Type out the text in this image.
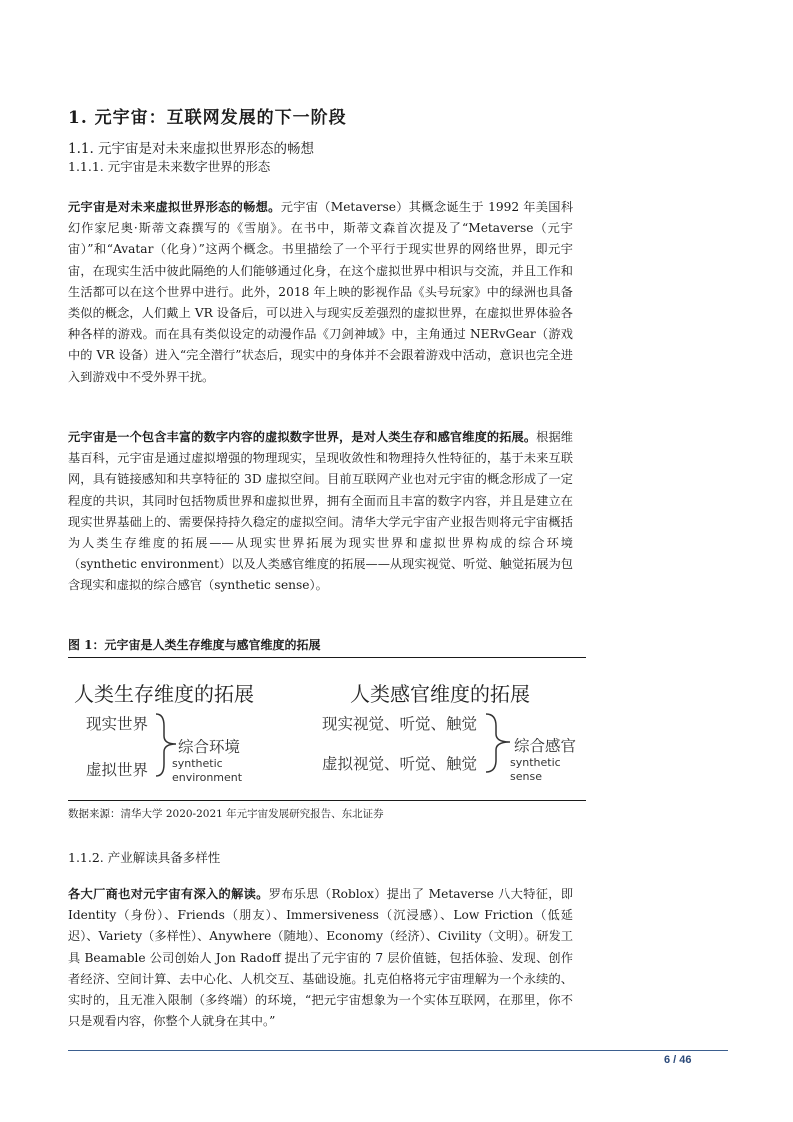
1. 元宇宙：互联网发展的下一阶段
1.1. 元宇宙是对未来虚拟世界形态的畅想
1.1.1. 元宇宙是未来数字世界的形态

元宇宙是对未来虚拟世界形态的畅想。元宇宙（Metaverse）其概念诞生于 1992 年美国科幻作家尼奥·斯蒂文森撰写的《雪崩》。在书中，斯蒂文森首次提及了“Metaverse（元宇宙）”和“Avatar（化身）”这两个概念。书里描绘了一个平行于现实世界的网络世界，即元宇宙，在现实生活中彼此隔绝的人们能够通过化身，在这个虚拟世界中相识与交流，并且工作和生活都可以在这个世界中进行。此外，2018 年上映的影视作品《头号玩家》中的绿洲也具备类似的概念，人们戴上 VR 设备后，可以进入与现实反差强烈的虚拟世界，在虚拟世界体验各种各样的游戏。而在具有类似设定的动漫作品《刀剑神域》中，主角通过 NERvGear（游戏中的 VR 设备）进入“完全潜行”状态后，现实中的身体并不会跟着游戏中活动，意识也完全进入到游戏中不受外界干扰。

元宇宙是一个包含丰富的数字内容的虚拟数字世界，是对人类生存和感官维度的拓展。根据维基百科，元宇宙是通过虚拟增强的物理现实，呈现收敛性和物理持久性特征的，基于未来互联网，具有链接感知和共享特征的 3D 虚拟空间。目前互联网产业也对元宇宙的概念形成了一定程度的共识，其同时包括物质世界和虚拟世界，拥有全面而且丰富的数字内容，并且是建立在现实世界基础上的、需要保持持久稳定的虚拟空间。清华大学元宇宙产业报告则将元宇宙概括为人类生存维度的拓展——从现实世界拓展为现实世界和虚拟世界构成的综合环境（synthetic environment）以及人类感官维度的拓展——从现实视觉、听觉、触觉拓展为包含现实和虚拟的综合感官（synthetic sense）。

图 1：元宇宙是人类生存维度与感官维度的拓展
人类生存维度的拓展
现实世界
虚拟世界
综合环境
synthetic
environment
人类感官维度的拓展
现实视觉、听觉、触觉
虚拟视觉、听觉、触觉
综合感官
synthetic
sense
数据来源：清华大学 2020-2021 年元宇宙发展研究报告、东北证券
1.1.2. 产业解读具备多样性

各大厂商也对元宇宙有深入的解读。罗布乐思（Roblox）提出了 Metaverse 八大特征，即 Identity（身份）、Friends（朋友）、Immersiveness（沉浸感）、Low Friction（低延迟）、Variety（多样性）、Anywhere（随地）、Economy（经济）、Civility（文明）。研发工具 Beamable 公司创始人 Jon Radoff 提出了元宇宙的 7 层价值链，包括体验、发现、创作者经济、空间计算、去中心化、人机交互、基础设施。扎克伯格将元宇宙理解为一个永续的、实时的，且无准入限制（多终端）的环境，“把元宇宙想象为一个实体互联网，在那里，你不只是观看内容，你整个人就身在其中。”

6 / 46
